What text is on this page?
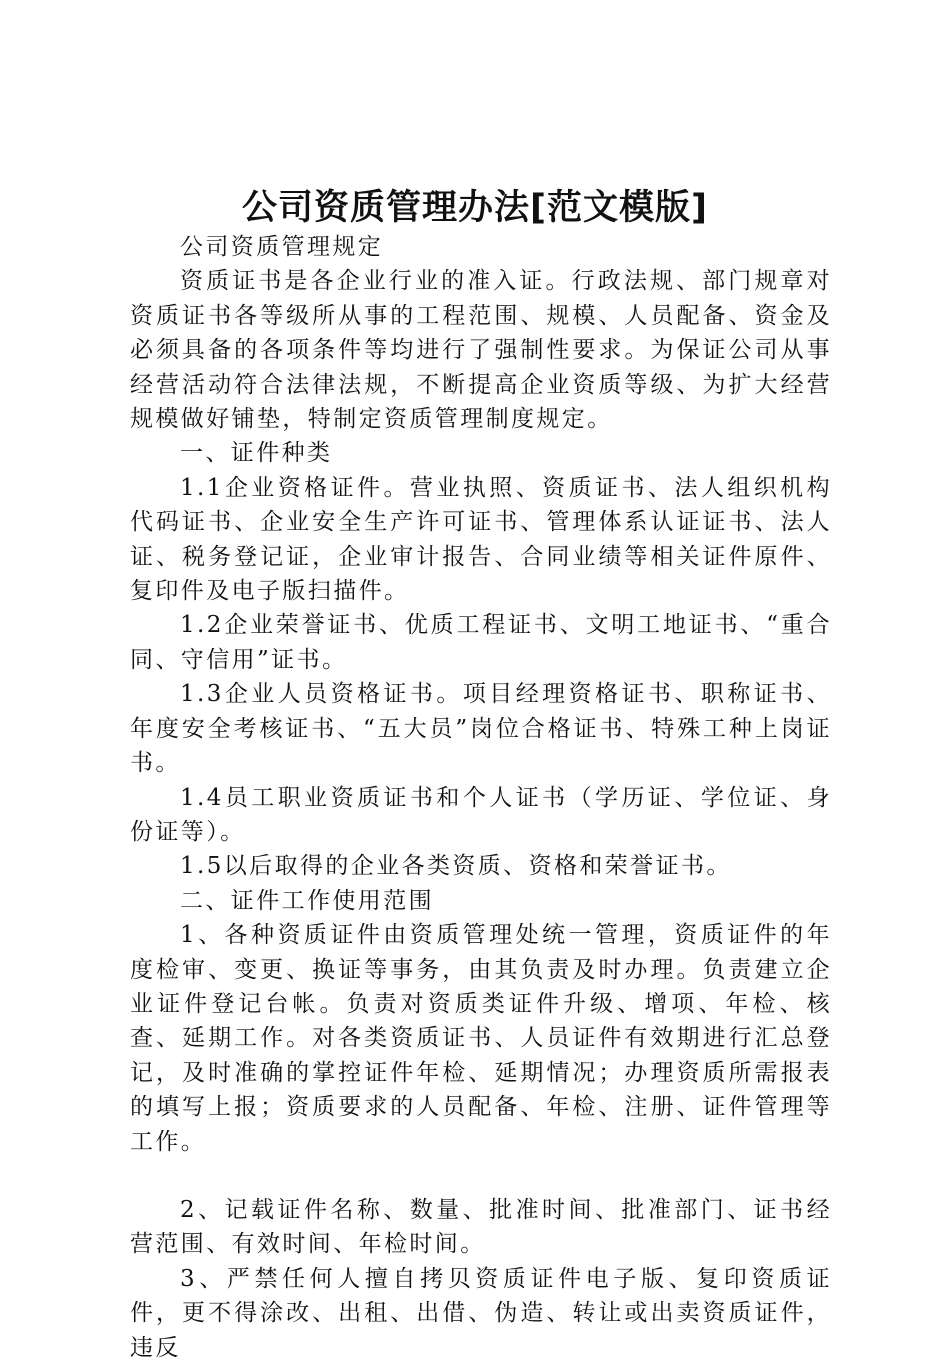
公司资质管理办法[范文模版]

公司资质管理规定

资质证书是各企业行业的准入证。行政法规、部门规章对资质证书各等级所从事的工程范围、规模、人员配备、资金及必须具备的各项条件等均进行了强制性要求。为保证公司从事经营活动符合法律法规，不断提高企业资质等级、为扩大经营规模做好铺垫，特制定资质管理制度规定。

一、证件种类

1.1企业资格证件。营业执照、资质证书、法人组织机构代码证书、企业安全生产许可证书、管理体系认证证书、法人证、税务登记证，企业审计报告、合同业绩等相关证件原件、复印件及电子版扫描件。

1.2企业荣誉证书、优质工程证书、文明工地证书、“重合同、守信用”证书。

1.3企业人员资格证书。项目经理资格证书、职称证书、年度安全考核证书、“五大员”岗位合格证书、特殊工种上岗证书。

1.4员工职业资质证书和个人证书（学历证、学位证、身份证等）。

1.5以后取得的企业各类资质、资格和荣誉证书。

二、证件工作使用范围

1、各种资质证件由资质管理处统一管理，资质证件的年度检审、变更、换证等事务，由其负责及时办理。负责建立企业证件登记台帐。负责对资质类证件升级、增项、年检、核查、延期工作。对各类资质证书、人员证件有效期进行汇总登记，及时准确的掌控证件年检、延期情况；办理资质所需报表的填写上报；资质要求的人员配备、年检、注册、证件管理等工作。

2、记载证件名称、数量、批准时间、批准部门、证书经营范围、有效时间、年检时间。

3、严禁任何人擅自拷贝资质证件电子版、复印资质证件，更不得涂改、出租、出借、伪造、转让或出卖资质证件，违反
